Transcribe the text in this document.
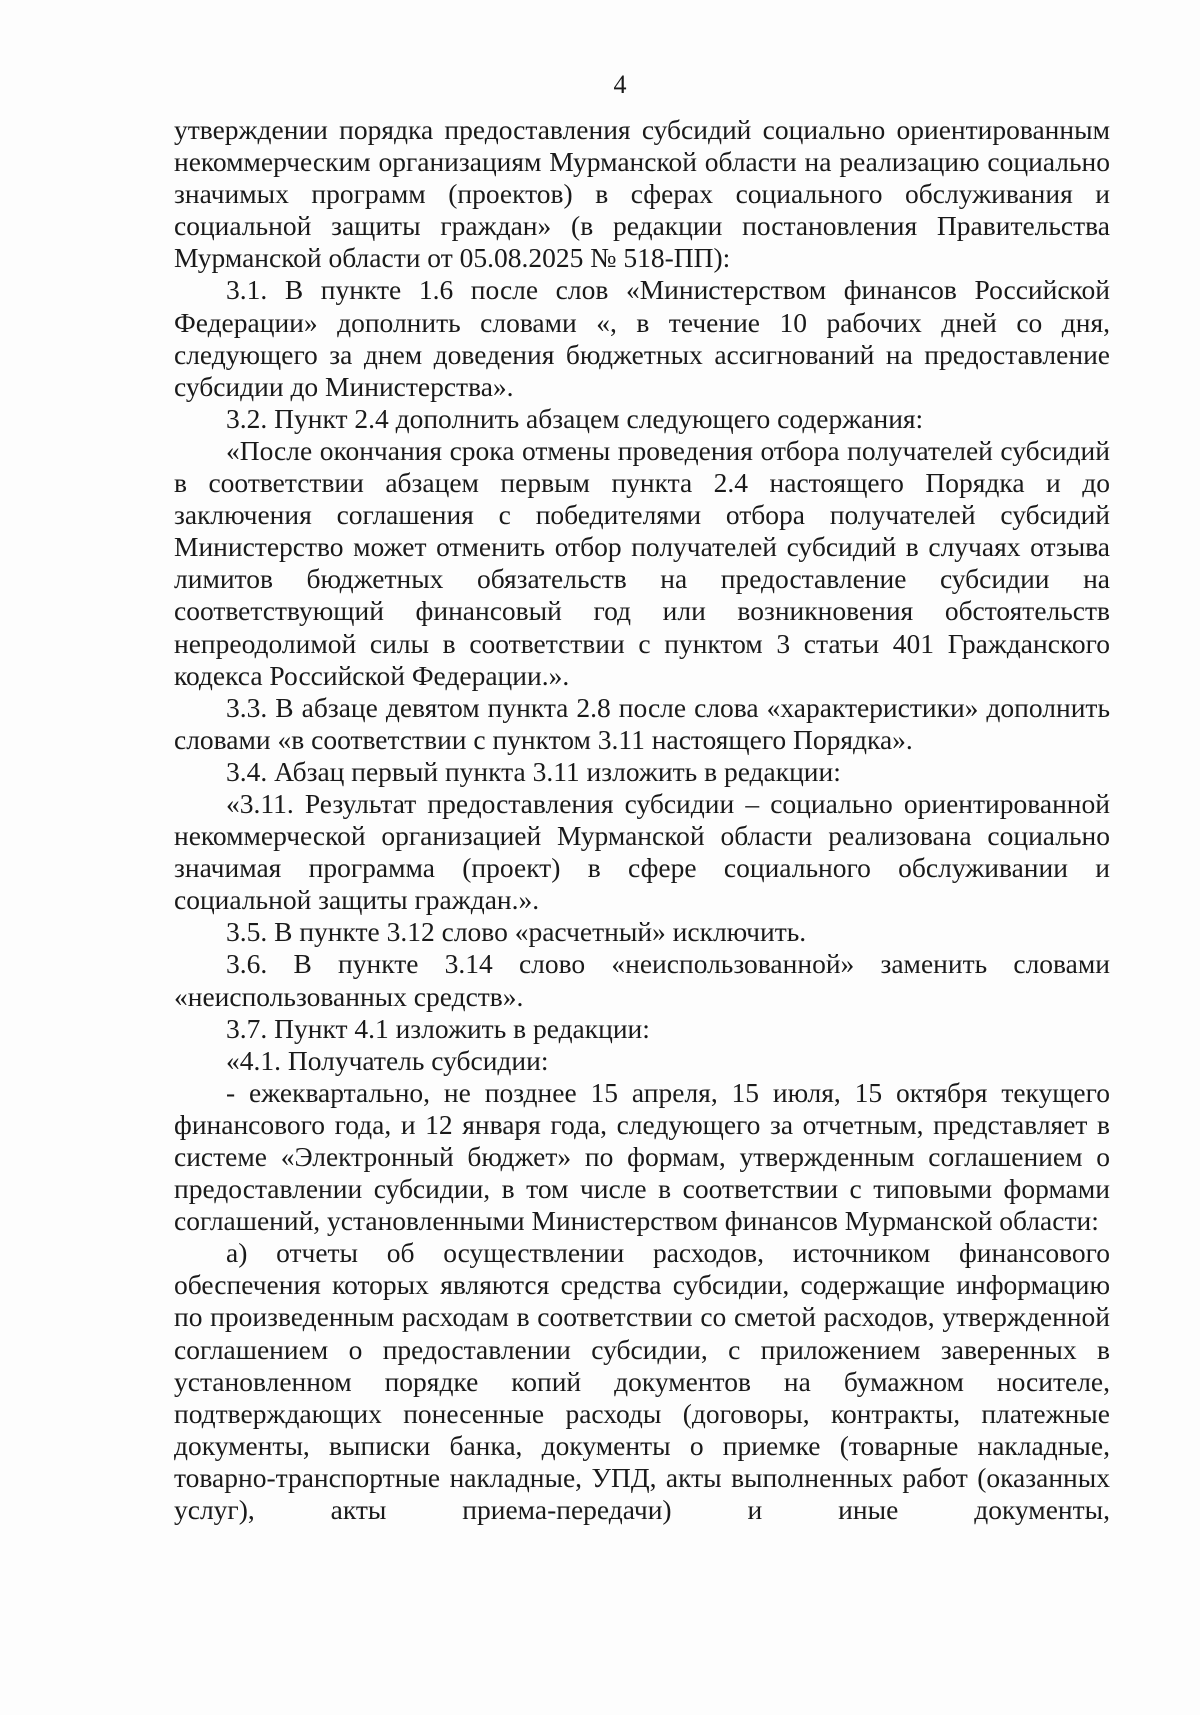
4

утверждении порядка предоставления субсидий социально ориентированным некоммерческим организациям Мурманской области на реализацию социально значимых программ (проектов) в сферах социального обслуживания и социальной защиты граждан» (в редакции постановления Правительства Мурманской области от 05.08.2025 № 518-ПП):

3.1. В пункте 1.6 после слов «Министерством финансов Российской Федерации» дополнить словами «, в течение 10 рабочих дней со дня, следующего за днем доведения бюджетных ассигнований на предоставление субсидии до Министерства».

3.2. Пункт 2.4 дополнить абзацем следующего содержания:

«После окончания срока отмены проведения отбора получателей субсидий в соответствии абзацем первым пункта 2.4 настоящего Порядка и до заключения соглашения с победителями отбора получателей субсидий Министерство может отменить отбор получателей субсидий в случаях отзыва лимитов бюджетных обязательств на предоставление субсидии на соответствующий финансовый год или возникновения обстоятельств непреодолимой силы в соответствии с пунктом 3 статьи 401 Гражданского кодекса Российской Федерации.».

3.3. В абзаце девятом пункта 2.8 после слова «характеристики» дополнить словами «в соответствии с пунктом 3.11 настоящего Порядка».

3.4. Абзац первый пункта 3.11 изложить в редакции:

«3.11. Результат предоставления субсидии – социально ориентированной некоммерческой организацией Мурманской области реализована социально значимая программа (проект) в сфере социального обслуживании и социальной защиты граждан.».

3.5. В пункте 3.12 слово «расчетный» исключить.

3.6. В пункте 3.14 слово «неиспользованной» заменить словами «неиспользованных средств».

3.7. Пункт 4.1 изложить в редакции:

«4.1. Получатель субсидии:

- ежеквартально, не позднее 15 апреля, 15 июля, 15 октября текущего финансового года, и 12 января года, следующего за отчетным, представляет в системе «Электронный бюджет» по формам, утвержденным соглашением о предоставлении субсидии, в том числе в соответствии с типовыми формами соглашений, установленными Министерством финансов Мурманской области:

а) отчеты об осуществлении расходов, источником финансового обеспечения которых являются средства субсидии, содержащие информацию по произведенным расходам в соответствии со сметой расходов, утвержденной соглашением о предоставлении субсидии, с приложением заверенных в установленном порядке копий документов на бумажном носителе, подтверждающих понесенные расходы (договоры, контракты, платежные документы, выписки банка, документы о приемке (товарные накладные, товарно-транспортные накладные, УПД, акты выполненных работ (оказанных услуг), акты приема-передачи) и иные документы,
